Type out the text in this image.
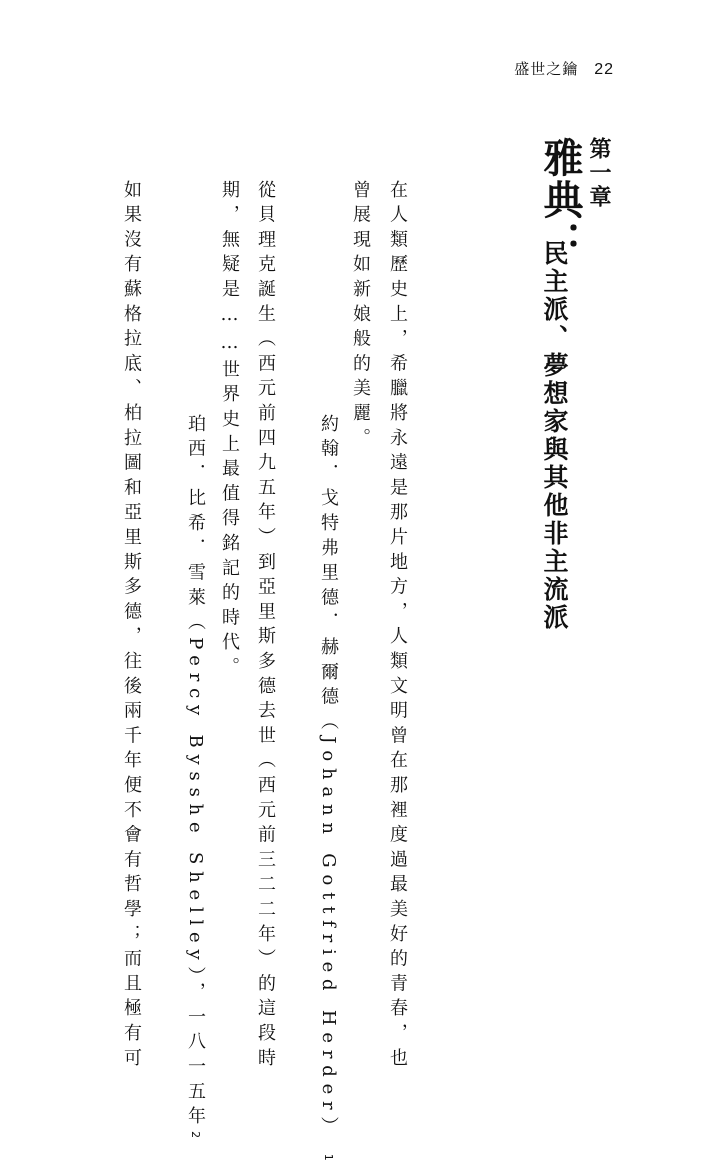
盛世之鑰 22
第一章
雅典：
民主派、夢想家與其他非主流派
在人類歷史上，希臘將永遠是那片地方，人類文明曾在那裡度過最美好的青春，也
曾展現如新娘般的美麗。
約翰．戈特弗里德．赫爾德（Johann Gottfried Herder） 1
從貝理克誕生（西元前四九五年）到亞里斯多德去世（西元前三二二年）的這段時
期，無疑是……世界史上最值得銘記的時代。
珀西．比希．雪萊（Percy Bysshe Shelley），一八一五年2
如果沒有蘇格拉底、柏拉圖和亞里斯多德，往後兩千年便不會有哲學；而且極有可
